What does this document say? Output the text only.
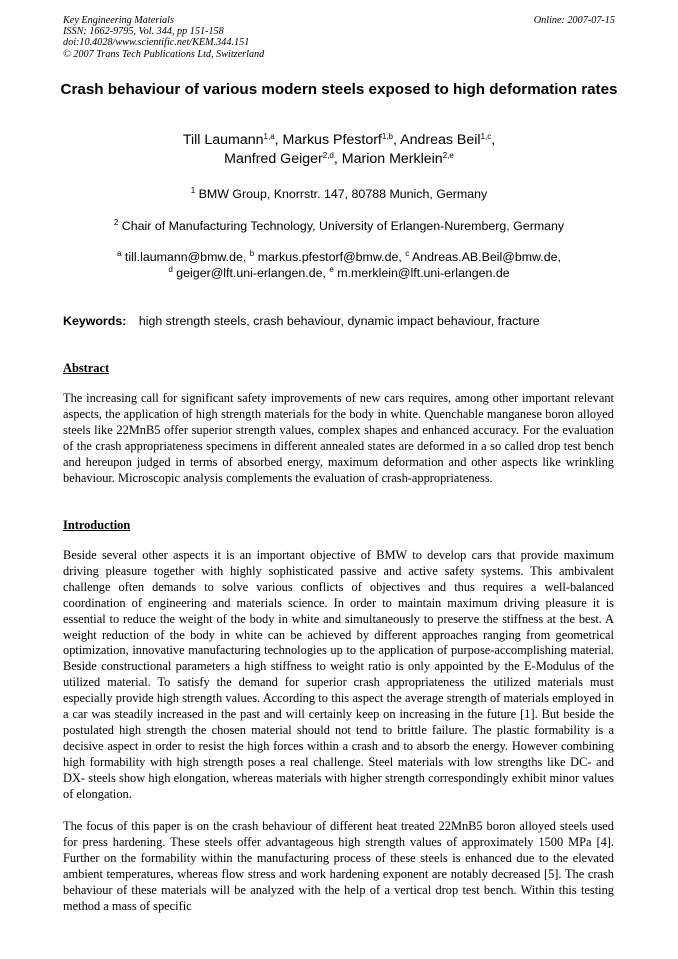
Key Engineering Materials
ISSN: 1662-9795, Vol. 344, pp 151-158
doi:10.4028/www.scientific.net/KEM.344.151
© 2007 Trans Tech Publications Ltd, Switzerland
Online: 2007-07-15
Crash behaviour of various modern steels exposed to high deformation rates
Till Laumann$^{1,a}$, Markus Pfestorf$^{1,b}$, Andreas Beil$^{1,c}$,
Manfred Geiger$^{2,d}$, Marion Merklein$^{2,e}$
$^1$ BMW Group, Knorrstr. 147, 80788 Munich, Germany
$^2$ Chair of Manufacturing Technology, University of Erlangen-Nuremberg, Germany
$^a$ till.laumann@bmw.de, $^b$ markus.pfestorf@bmw.de, $^c$ Andreas.AB.Beil@bmw.de,
$^d$ geiger@lft.uni-erlangen.de, $^e$ m.merklein@lft.uni-erlangen.de
Keywords: high strength steels, crash behaviour, dynamic impact behaviour, fracture
Abstract

The increasing call for significant safety improvements of new cars requires, among other important relevant aspects, the application of high strength materials for the body in white. Quenchable manganese boron alloyed steels like 22MnB5 offer superior strength values, complex shapes and enhanced accuracy. For the evaluation of the crash appropriateness specimens in different annealed states are deformed in a so called drop test bench and hereupon judged in terms of absorbed energy, maximum deformation and other aspects like wrinkling behaviour. Microscopic analysis complements the evaluation of crash-appropriateness.

Introduction

Beside several other aspects it is an important objective of BMW to develop cars that provide maximum driving pleasure together with highly sophisticated passive and active safety systems. This ambivalent challenge often demands to solve various conflicts of objectives and thus requires a well-balanced coordination of engineering and materials science. In order to maintain maximum driving pleasure it is essential to reduce the weight of the body in white and simultaneously to preserve the stiffness at the best. A weight reduction of the body in white can be achieved by different approaches ranging from geometrical optimization, innovative manufacturing technologies up to the application of purpose-accomplishing material. Beside constructional parameters a high stiffness to weight ratio is only appointed by the E-Modulus of the utilized material. To satisfy the demand for superior crash appropriateness the utilized materials must especially provide high strength values. According to this aspect the average strength of materials employed in a car was steadily increased in the past and will certainly keep on increasing in the future [1]. But beside the postulated high strength the chosen material should not tend to brittle failure. The plastic formability is a decisive aspect in order to resist the high forces within a crash and to absorb the energy. However combining high formability with high strength poses a real challenge. Steel materials with low strengths like DC- and DX- steels show high elongation, whereas materials with higher strength correspondingly exhibit minor values of elongation.

The focus of this paper is on the crash behaviour of different heat treated 22MnB5 boron alloyed steels used for press hardening. These steels offer advantageous high strength values of approximately 1500 MPa [4]. Further on the formability within the manufacturing process of these steels is enhanced due to the elevated ambient temperatures, whereas flow stress and work hardening exponent are notably decreased [5]. The crash behaviour of these materials will be analyzed with the help of a vertical drop test bench. Within this testing method a mass of specific
